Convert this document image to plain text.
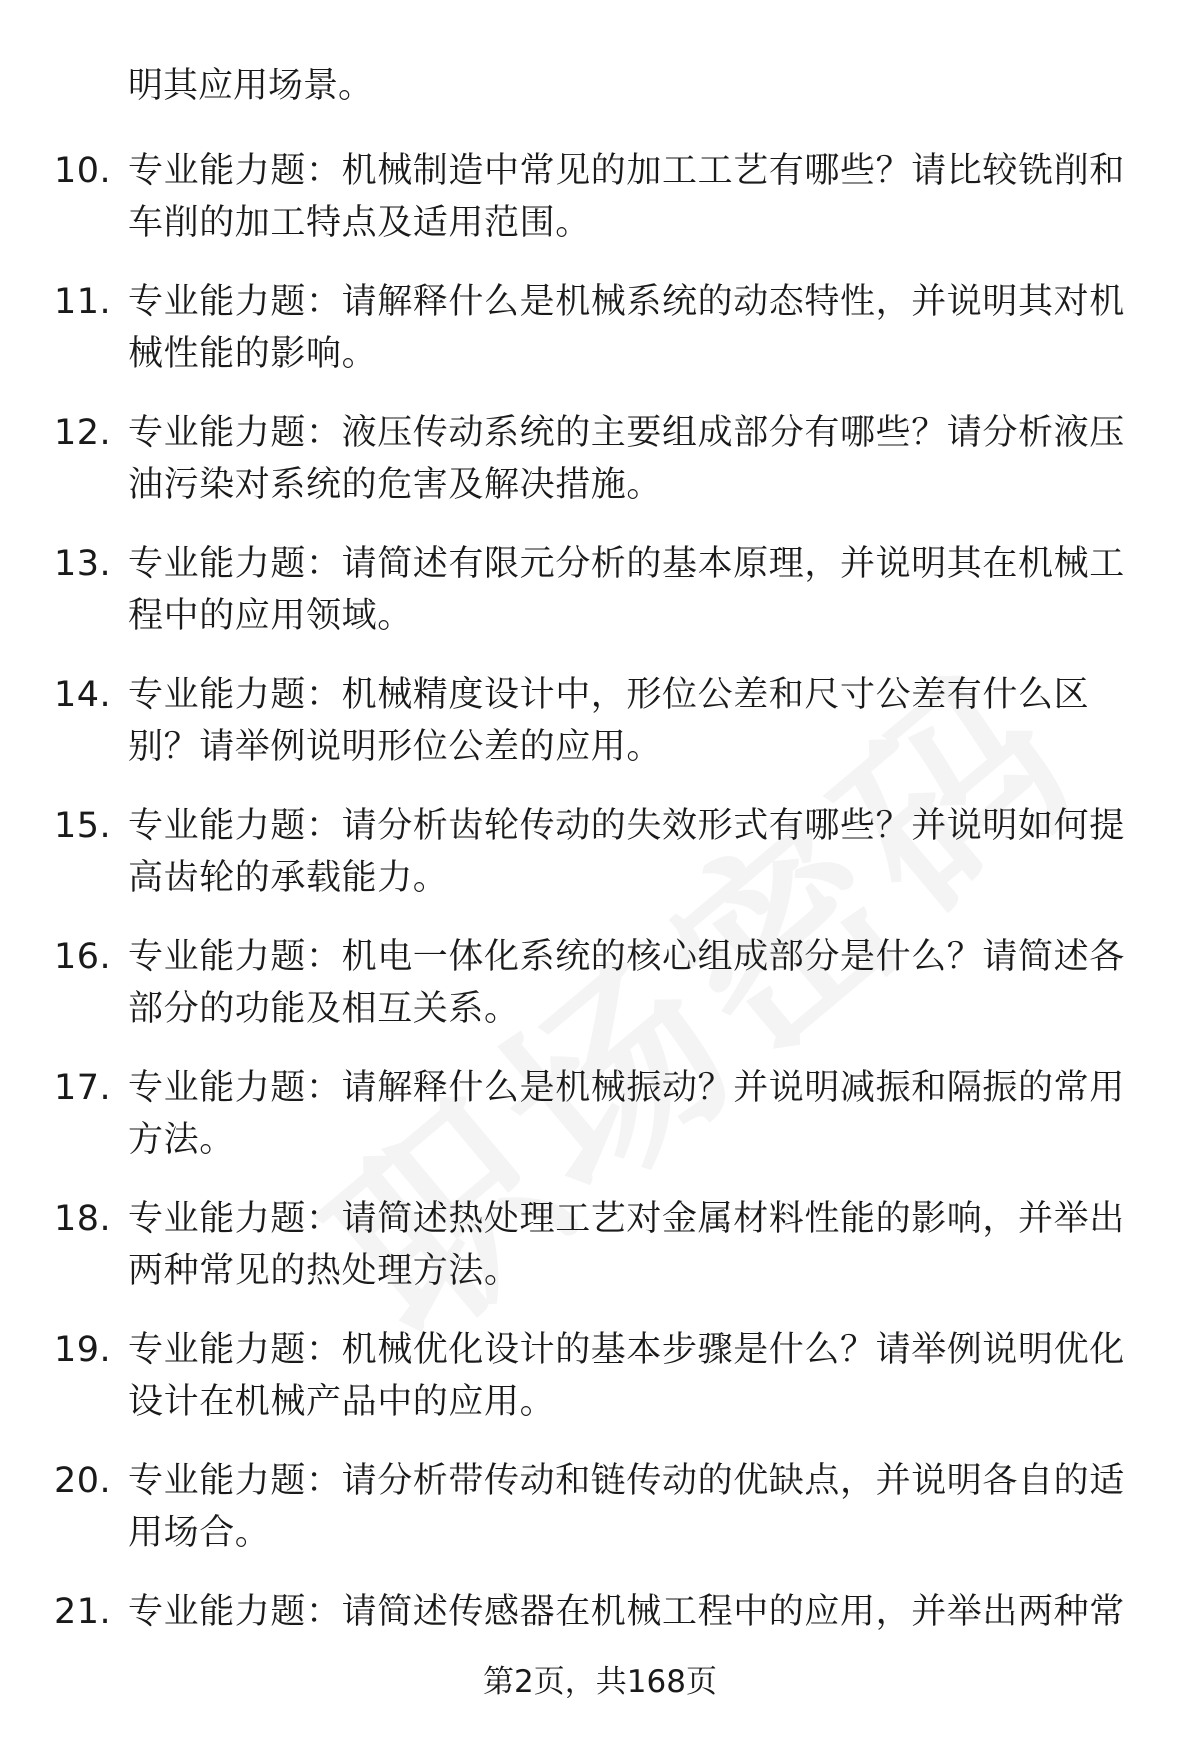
明其应用场景。
10. 专业能力题：机械制造中常见的加工工艺有哪些？请比较铣削和车削的加工特点及适用范围。
11. 专业能力题：请解释什么是机械系统的动态特性，并说明其对机械性能的影响。
12. 专业能力题：液压传动系统的主要组成部分有哪些？请分析液压油污染对系统的危害及解决措施。
13. 专业能力题：请简述有限元分析的基本原理，并说明其在机械工程中的应用领域。
14. 专业能力题：机械精度设计中，形位公差和尺寸公差有什么区别？请举例说明形位公差的应用。
15. 专业能力题：请分析齿轮传动的失效形式有哪些？并说明如何提高齿轮的承载能力。
16. 专业能力题：机电一体化系统的核心组成部分是什么？请简述各部分的功能及相互关系。
17. 专业能力题：请解释什么是机械振动？并说明减振和隔振的常用方法。
18. 专业能力题：请简述热处理工艺对金属材料性能的影响，并举出两种常见的热处理方法。
19. 专业能力题：机械优化设计的基本步骤是什么？请举例说明优化设计在机械产品中的应用。
20. 专业能力题：请分析带传动和链传动的优缺点，并说明各自的适用场合。
21. 专业能力题：请简述传感器在机械工程中的应用，并举出两种常
第2页，共168页
